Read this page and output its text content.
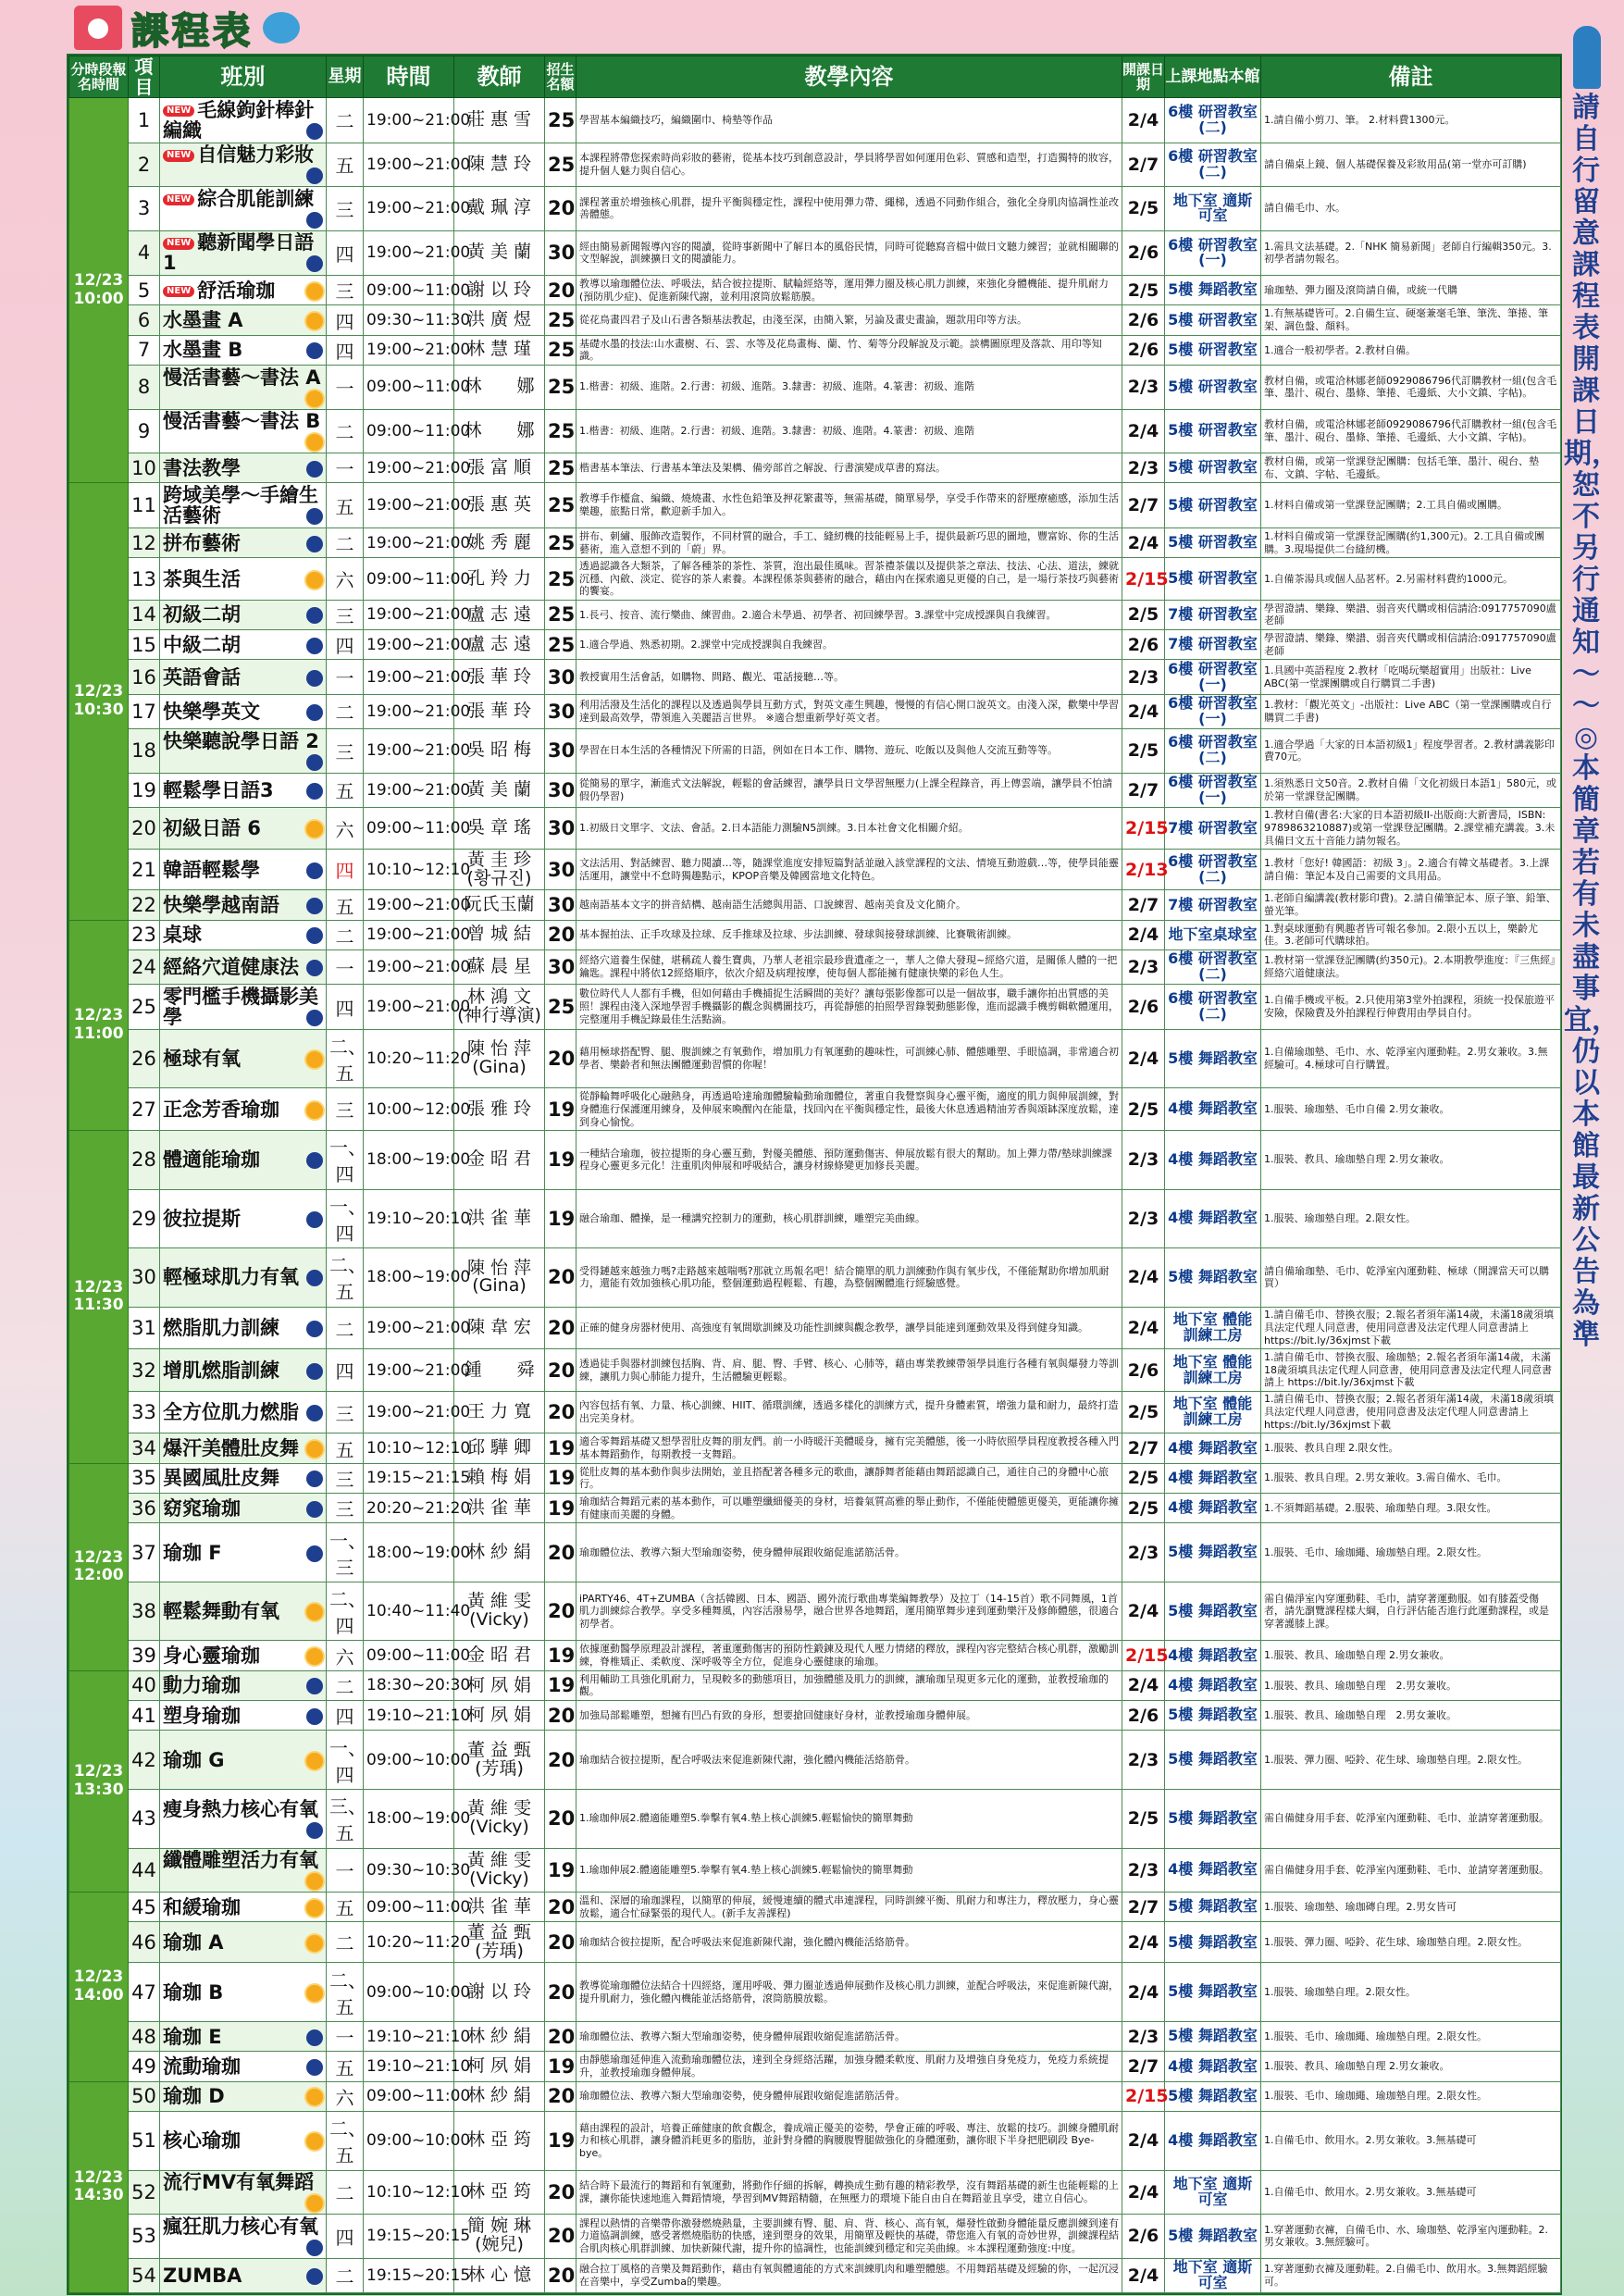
課程表
請自行留意課程表開課日期，恕不另行通知～～◎本簡章若有未盡事宜，仍以本館最新公告為準
分時段報名時間	項目	班別	星期	時間	教師	招生名額	教學內容	開課日期	上課地點本館	備註
12/23 10:00	1	NEW 毛線鉤針棒針編織	二	19:00~21:00	莊 惠 雪	25	學習基本編織技巧，編織圍巾、椅墊等作品	2/4	6樓 研習教室(二)	1.請自備小剪刀、筆。 2.材料費1300元。
	2	NEW 自信魅力彩妝	五	19:00~21:00	陳 慧 玲	25	本課程將帶您探索時尚彩妝的藝術，從基本技巧到創意設計，學員將學習如何運用色彩、質感和造型，打造獨特的妝容，提升個人魅力與自信心。	2/7	6樓 研習教室(二)	請自備桌上鏡、個人基礎保養及彩妝用品(第一堂亦可訂購)
	3	NEW 綜合肌能訓練	三	19:00~21:00	戴 珮 淳	20	課程著重於增強核心肌群，提升平衡與穩定性，課程中使用彈力帶、繩梯，透過不同動作組合，強化全身肌肉協調性並改善體態。	2/5	地下室 適斯可室	請自備毛巾、水。
	4	NEW 聽新聞學日語1	四	19:00~21:00	黃 美 蘭	30	經由簡易新聞報導內容的閱讀，從時事新聞中了解日本的風俗民情，同時可從聽寫音檔中做日文聽力練習；並就相關聯的文型解說，訓練擴日文的閱讀能力。	2/6	6樓 研習教室(一)	1.需具文法基礎。2.「NHK 簡易新聞」老師自行編輯350元。3.初學者請勿報名。
	5	NEW 舒活瑜珈	三	09:00~11:00	謝 以 玲	20	教導以瑜珈體位法、呼吸法，結合彼拉提斯、賦輪經絡等，運用彈力圈及核心肌力訓練，來強化身體機能、提升肌耐力(預防肌少症)、促進新陳代謝，並利用滾筒放鬆筋膜。	2/5	5樓 舞蹈教室	瑜珈墊、彈力圈及滾筒請自備，或統一代購
	6	水墨畫 A	四	09:30~11:30	洪 廣 煜	25	從花鳥畫四君子及山石書各類基法教起，由淺至深，由簡入繁，另論及畫史畫論，題款用印等方法。	2/6	5樓 研習教室	1.有無基礎皆可。2.自備生宣、硬毫兼毫毛筆、筆洗、筆捲、筆架、調色盤、顏料。
	7	水墨畫 B	四	19:00~21:00	林 慧 瑾	25	基礎水墨的技法:山水畫樹、石、雲、水等及花鳥畫梅、蘭、竹、菊等分段解說及示範。談構圖原理及落款、用印等知識。	2/6	5樓 研習教室	1.適合一般初學者。2.教材自備。
	8	慢活書藝～書法 A	一	09:00~11:00	林　　娜	25	1.楷書：初級、進階。2.行書：初級、進階。3.隸書：初級、進階。4.篆書：初級、進階	2/3	5樓 研習教室	教材自備，或電洽林娜老師0929086796代訂購教材一組(包含毛筆、墨汁、硯台、墨條、筆捲、毛邊紙、大小文鎮、字帖)。
	9	慢活書藝～書法 B	二	09:00~11:00	林　　娜	25	1.楷書：初級、進階。2.行書：初級、進階。3.隸書：初級、進階。4.篆書：初級、進階	2/4	5樓 研習教室	教材自備，或電洽林娜老師0929086796代訂購教材一組(包含毛筆、墨汁、硯台、墨條、筆捲、毛邊紙、大小文鎮、字帖)。
	10	書法教學	一	19:00~21:00	張 富 順	25	楷書基本筆法、行書基本筆法及架構、備旁部首之解說、行書演變成草書的寫法。	2/3	5樓 研習教室	教材自備，或第一堂課登記團購：包括毛筆、墨汁、硯台、墊布、文鎮、字帖、毛邊紙。
12/23 10:30	11	跨域美學～手繪生活藝術	五	19:00~21:00	張 惠 英	25	教導手作檯盒、編織、燒燒畫、水性色鉛筆及押花繁畫等，無需基礎，簡單易學，享受手作帶來的舒壓療癒感，添加生活樂趣，旅點日常，歡迎新手加入。	2/7	5樓 研習教室	1.材料自備或第一堂課登記團購；2.工具自備或團購。
	12	拼布藝術	二	19:00~21:00	姚 秀 麗	25	拼布、刺繡、服飾改造製作，不同材質的融合，手工、縫紉機的技能輕易上手，提供最新巧思的圖地，豐富妳、你的生活藝術，進入意想不到的「蔚」界。	2/4	5樓 研習教室	1.材料自備或第一堂課登記團購(約1,300元)。2.工具自備或團購。3.現場提供二台縫紉機。
	13	茶與生活	六	09:00~11:00	孔 羚 力	25	透過認識各大類茶，了解各種茶的茶性、茶質，泡出最佳風味。習茶禮茶儀以及提供茶之章法、技法、心法、道法，練就沉穩、內斂、淡定、從容的茶人素養。本課程係茶與藝術的融合，藉由內在探索適見更優的自己，是一場行茶技巧與藝術的饗宴。	2/15	5樓 研習教室	1.自備茶湯具或個人品茗杯。2.另需材料費約1000元。
	14	初級二胡	三	19:00~21:00	盧 志 遠	25	1.長弓、按音、流行樂曲、練習曲。2.適合未學過、初學者、初回練學習。3.課堂中完成授課與自我練習。	2/5	7樓 研習教室	學習證請、樂錄、樂譜、弱音夾代購或相信請洽:0917757090盧老師
	15	中級二胡	四	19:00~21:00	盧 志 遠	25	1.適合學過、熟悉初期。2.課堂中完成授課與自我練習。	2/6	7樓 研習教室	學習證請、樂錄、樂譜、弱音夾代購或相信請洽:0917757090盧老師
	16	英語會話	一	19:00~21:00	張 華 玲	30	教授實用生活會話，如購物、問路、觀光、電話接聽…等。	2/3	6樓 研習教室(一)	1.具國中英語程度 2.教材「吃喝玩樂超實用」出版社：Live ABC(第一堂課團購或自行購買二手書)
	17	快樂學英文	二	19:00~21:00	張 華 玲	30	利用活潑及生活化的課程以及透過與學員互動方式，對英文產生興趣，慢慢的有信心開口說英文。由淺入深，歡樂中學習達到最高效學，帶領進入美麗語言世界。 ※適合想重新學好英文者。	2/4	6樓 研習教室(一)	1.教材：「觀光英文」-出版社：Live ABC（第一堂課團購或自行購買二手書)
	18	快樂聽說學日語 2	三	19:00~21:00	吳 昭 梅	30	學習在日本生活的各種情況下所需的日語，例如在日本工作、購物、遊玩、吃飯以及與他人交流互動等等。	2/5	6樓 研習教室(二)	1.適合學過「大家的日本語初級1」程度學習者。2.教材講義影印費70元。
	19	輕鬆學日語3	五	19:00~21:00	黃 美 蘭	30	從簡易的單字，漸進式文法解說，輕鬆的會話練習，讓學員日文學習無壓力(上課全程錄音，再上傳雲端，讓學員不怕請假仍學習)	2/7	6樓 研習教室(一)	1.須熟悉日文50音。2.教材自備「文化初級日本語1」580元，或於第一堂課登記團購。
	20	初級日語 6	六	09:00~11:00	吳 章 瑤	30	1.初級日文單字、文法、會話。2.日本語能力測驗N5訓練。3.日本社會文化相關介紹。	2/15	7樓 研習教室	1.教材自備(書名:大家的日本語初級II-出版商:大新書局，ISBN: 9789863210887)或第一堂課登記團購。2.課堂補充講義。3.未具備日文五十音能力請勿報名。
	21	韓語輕鬆學	四	10:10~12:10	黃 圭 珍 (황규진)	30	文法活用、對話練習、聽力閱讀…等，隨課堂進度安排短篇對話並融入該堂課程的文法、情境互動遊戲…等，使學員能靈活運用，讓堂中不怠時獨趣點示，KPOP音樂及韓國當地文化特色。	2/13	6樓 研習教室(二)	1.教材「您好! 韓國語：初級 3」。2.適合有韓文基礎者。3.上課請自備：筆記本及自己需要的文具用品。
	22	快樂學越南語	五	19:00~21:00	阮氏玉蘭	30	越南語基本文字的拼音結構、越南語生活總與用語、口說練習、越南美食及文化簡介。	2/7	7樓 研習教室	1.老師自編講義(教材影印費)。2.請自備筆記本、原子筆、鉛筆、螢光筆。
12/23 11:00	23	桌球	二	19:00~21:00	曾 城 結	20	基本握拍法、正手攻球及拉球、反手推球及拉球、步法訓練、發球與接發球訓練、比賽戰術訓練。	2/4	地下室桌球室	1.對桌球運動有興趣者皆可報名參加。2.限小五以上，樂齡尤佳。3.老師可代購球拍。
	24	經絡穴道健康法	一	19:00~21:00	蘇 晨 星	30	經絡穴道養生保健，堪稱疏人養生寶典，乃華人老祖宗最珍貴遺產之一，華人之偉大發現~經絡穴道，是關係人體的一把鑰匙。課程中將依12經絡順序，依次介紹及病理按摩，使每個人都能擁有健康快樂的彩色人生。	2/3	6樓 研習教室(二)	1.教材第一堂課登記團購(約350元)。2.本期教學進度：『三焦經』經絡穴道健康法。
	25	零門檻手機攝影美學	四	19:00~21:00	林 鴻 文 (神行導演)	25	數位時代人人都有手機，但如何藉由手機捕捉生活瞬間的美好？讓每張影像都可以是一個故事，職手讓你拍出質感的美照！課程由淺入深地學習手機攝影的觀念與構圖技巧，再從靜態的拍照學習錄製動態影像，進而認識手機剪輯軟體運用，完整運用手機記錄最佳生活點滴。	2/6	6樓 研習教室(二)	1.自備手機或平板。2.只使用第3堂外拍課程，須統一投保旅遊平安險，保險費及外拍課程行伸費用由學員自付。
	26	極球有氧	二、五	10:20~11:20	陳 怡 萍 (Gina)	20	藉用極球搭配臀、腿、腹訓練之有氧動作，增加肌力有氧運動的趣味性，可訓練心肺、體態雕塑、手眼協調，非常適合初學者、樂齡者和無法團體運動習慣的你喔！	2/4	5樓 舞蹈教室	1.自備瑜珈墊、毛巾、水、乾淨室內運動鞋。2.男女兼收。3.無經驗可。4.極球可自行購置。
	27	正念芳香瑜珈	三	10:00~12:00	張 雅 玲	19	從靜輪舞呼吸化心融熱身，再透過哈達瑜珈體驗輪動瑜珈體位，著重自我覺察與身心靈平衡，適度的肌力與伸展訓練，對身體進行保護運用練身，及伸展來喚醒內在能量，找回內在平衡與穩定性，最後大休息透過精油芳香與頌缽深度放鬆，達到身心愉悅。	2/5	4樓 舞蹈教室	1.服裝、瑜珈墊、毛巾自備 2.男女兼收。
12/23 11:30	28	體適能瑜珈	一、四	18:00~19:00	金 昭 君	19	一種結合瑜珈，彼拉提斯的身心靈互動，對優美體態、預防運動傷害、伸展放鬆有很大的幫助。加上彈力帶/墊球訓練課程身心靈更多元化！注重肌肉伸展和呼吸結合，讓身材線條變更加修長美麗。	2/3	4樓 舞蹈教室	1.服裝、教具、瑜珈墊自理 2.男女兼收。
	29	彼拉提斯	一、四	19:10~20:10	洪 雀 華	19	融合瑜珈、體操，是一種講究控制力的運動，核心肌群訓練，雕塑完美曲線。	2/3	4樓 舞蹈教室	1.服裝、瑜珈墊自理。2.限女性。
	30	輕極球肌力有氧	二、五	18:00~19:00	陳 怡 萍 (Gina)	20	受得鏈越來越強力嗎?走路越來越喘嗎?那就立馬報名吧！結合簡單的肌力訓練動作與有氧步伐，不僅能幫助你增加肌耐力，還能有效加強核心肌功能，整個運動過程輕鬆、有趣，為整個團體進行經驗感覺。	2/4	5樓 舞蹈教室	請自備瑜珈墊、毛巾、乾淨室內運動鞋、極球（開課當天可以購買）
	31	燃脂肌力訓練	二	19:00~21:00	陳 韋 宏	20	正確的健身房器材使用、高強度有氧間歇訓練及功能性訓練與觀念教學，讓學員能達到運動效果及得到健身知識。	2/4	地下室 體能訓練工房	1.請自備毛巾、替換衣服；2.報名者須年滿14歲，未滿18歲須填具法定代理人同意書，使用同意書及法定代理人同意書請上 https://bit.ly/36xjmst下載
	32	增肌燃脂訓練	四	19:00~21:00	鍾　　舜	20	透過徒手與器材訓練包括胸、背、肩、腿、臀、手臂、核心、心肺等，藉由專業教練帶領學員進行各種有氧與爆發力等訓練，讓肌力與心肺能力提升，生活體驗更輕鬆。	2/6	地下室 體能訓練工房	1.請自備毛巾、替換衣服、瑜珈墊；2.報名者須年滿14歲，未滿18歲須填具法定代理人同意書，使用同意書及法定代理人同意書請上 https://bit.ly/36xjmst下載
	33	全方位肌力燃脂	三	19:00~21:00	王 力 寬	20	內容包括有氧、力量、核心訓練、HIIT、循環訓練，透過多樣化的訓練方式，提升身體素質，增強力量和耐力，最終打造出完美身材。	2/5	地下室 體能訓練工房	1.請自備毛巾、替換衣服；2.報名者須年滿14歲，未滿18歲須填具法定代理人同意書，使用同意書及法定代理人同意書請上 https://bit.ly/36xjmst下載
	34	爆汗美體肚皮舞	五	10:10~12:10	邱 驊 卿	19	適合零舞蹈基礎又想學習肚皮舞的朋友們。前一小時暖汗美體暖身，擁有完美體態，後一小時依照學員程度教授各種入門基本舞蹈動作，每期教授一支舞蹈。	2/7	4樓 舞蹈教室	1.服裝、教具自理 2.限女性。
12/23 12:00	35	異國風肚皮舞	三	19:15~21:15	賴 梅 娟	19	從肚皮舞的基本動作與步法開始，並且搭配著各種多元的歌曲，讓靜舞者能藉由舞蹈認識自己，通往自己的身體中心旅行。	2/5	4樓 舞蹈教室	1.服裝、教具自理。2.男女兼收。3.需自備水、毛巾。
	36	窈窕瑜珈	三	20:20~21:20	洪 雀 華	19	瑜珈結合舞蹈元素的基本動作，可以雕塑纖細優美的身材，培養氣質高雅的舉止動作，不僅能使體態更優美，更能讓你擁有健康而美麗的身體。	2/5	4樓 舞蹈教室	1.不須舞蹈基礎。2.服裝、瑜珈墊自理。3.限女性。
	37	瑜珈 F	一、三	18:00~19:00	林 紗 絹	20	瑜珈體位法、教導六類大型瑜珈姿勢，使身體伸展跟收縮促進諾筋活骨。	2/3	5樓 舞蹈教室	1.服裝、毛巾、瑜珈繩、瑜珈墊自理。2.限女性。
	38	輕鬆舞動有氧	二、四	10:40~11:40	黃 維 雯 (Vicky)	20	iPARTY46、4T+ZUMBA（含括韓國、日本、國語、國外流行歌曲專業編舞教學）及拉丁（14-15首）歌不同舞風，1首肌力訓練綜合教學。享受多種舞風，內容活潑易學，融合世界各地舞蹈，運用簡單舞步達到運動樂汗及修飾體態，很適合初學者。	2/4	5樓 舞蹈教室	需自備淨室內穿運動鞋、毛巾，請穿著運動服。如有膝蓋受傷者，請先瀏覽課程樣大綱，自行評估能否進行此運動課程，或是穿著護膝上課。
	39	身心靈瑜珈	六	09:00~11:00	金 昭 君	19	依據運動醫學原理設計課程，著重運動傷害的預防性鍛鍊及現代人壓力情緒的釋放，課程內容完整結合核心肌群，激勵訓練，脊椎矯正、柔軟度、深呼吸等全方位，促進身心靈健康的瑜珈。	2/15	4樓 舞蹈教室	1.服裝、教具、瑜珈墊自理 2.男女兼收。
12/23 13:30	40	動力瑜珈	二	18:30~20:30	柯 夙 娟	19	利用輔助工具強化肌耐力，呈現較多的動態項目，加強體態及肌力的訓練，讓瑜珈呈現更多元化的運動，並教授瑜珈的觀。	2/4	4樓 舞蹈教室	1.服裝、教具、瑜珈墊自理　2.男女兼收。
	41	塑身瑜珈	四	19:10~21:10	柯 夙 娟	20	加強局部鬆雕塑，想擁有凹凸有致的身形，想要搶回健康好身材，並教授瑜珈身體伸展。	2/6	5樓 舞蹈教室	1.服裝、教具、瑜珈墊自理　2.男女兼收。
	42	瑜珈 G	一、四	09:00~10:00	董 益 甄 (芳瑀)	20	瑜珈結合彼拉提斯，配合呼吸法來促進新陳代謝，強化體內機能活絡筋骨。	2/3	5樓 舞蹈教室	1.服裝、彈力圈、啞鈴、花生球、瑜珈墊自理。2.限女性。
	43	瘦身熱力核心有氧	三、五	18:00~19:00	黃 維 雯 (Vicky)	20	1.瑜珈伸展2.體適能雕塑5.拳擊有氧4.墊上核心訓練5.輕鬆愉快的簡單舞動	2/5	5樓 舞蹈教室	需自備健身用手套、乾淨室內運動鞋、毛巾、並請穿著運動服。
	44	纖體雕塑活力有氧	一	09:30~10:30	黃 維 雯 (Vicky)	19	1.瑜珈伸展2.體適能雕塑5.拳擊有氧4.墊上核心訓練5.輕鬆愉快的簡單舞動	2/3	4樓 舞蹈教室	需自備健身用手套、乾淨室內運動鞋、毛巾、並請穿著運動服。
12/23 14:00	45	和緩瑜珈	五	09:00~11:00	洪 雀 華	20	溫和、深層的瑜珈課程，以簡單的伸展，緩慢連續的體式串連課程，同時訓練平衡、肌耐力和專注力，釋放壓力，身心靈放鬆，適合忙碌緊張的現代人。(新手友善課程)	2/7	5樓 舞蹈教室	1.服裝、瑜珈墊、瑜珈磚自理。2.男女皆可
	46	瑜珈 A	二	10:20~11:20	董 益 甄 (芳瑀)	20	瑜珈結合彼拉提斯，配合呼吸法來促進新陳代謝，強化體內機能活絡筋骨。	2/4	5樓 舞蹈教室	1.服裝、彈力圈、啞鈴、花生球、瑜珈墊自理。2.限女性。
	47	瑜珈 B	二、五	09:00~10:00	謝 以 玲	20	教導從瑜珈體位法結合十四經絡，運用呼吸、彈力圈並透過伸展動作及核心肌力訓練，並配合呼吸法，來促進新陳代謝，提升肌耐力，強化體內機能並活絡筋骨，滾筒筋膜放鬆。	2/4	5樓 舞蹈教室	1.服裝、瑜珈墊自理。2.限女性。
	48	瑜珈 E	一	19:10~21:10	林 紗 絹	20	瑜珈體位法、教導六類大型瑜珈姿勢，使身體伸展跟收縮促進諾筋活骨。	2/3	5樓 舞蹈教室	1.服裝、毛巾、瑜珈繩、瑜珈墊自理。2.限女性。
	49	流動瑜珈	五	19:10~21:10	柯 夙 娟	19	由靜態瑜珈延伸進入流動瑜珈體位法，達到全身經絡活躍，加強身體柔軟度、肌耐力及增強自身免疫力，免疫力系統提升，並教授瑜珈身體伸展。	2/7	4樓 舞蹈教室	1.服裝、教具、瑜珈墊自理 2.男女兼收。
12/23 14:30	50	瑜珈 D	六	09:00~11:00	林 紗 絹	20	瑜珈體位法、教導六類大型瑜珈姿勢，使身體伸展跟收縮促進諾筋活骨。	2/15	5樓 舞蹈教室	1.服裝、毛巾、瑜珈繩、瑜珈墊自理。2.限女性。
	51	核心瑜珈	二、五	09:00~10:00	林 亞 筠	19	藉由課程的設計，培養正確健康的飲食觀念，養成端正優美的姿勢，學會正確的呼吸、專注、放鬆的技巧。訓練身體肌耐力和核心肌群，讓身體消耗更多的脂肪，並針對身體的胸腰腹臀腿做強化的身體運動，讓你眼下半身把肥刷段 Bye-bye。	2/4	4樓 舞蹈教室	1.自備毛巾、飲用水。2.男女兼收。3.無基礎可
	52	流行MV有氧舞蹈	二	10:10~12:10	林 亞 筠	20	結合時下最流行的舞蹈和有氧運動，將動作仔細的拆解，轉換成生動有趣的精彩教學，沒有舞蹈基礎的新生也能輕鬆的上課，讓你能快速地進入舞蹈情境，學習到MV舞蹈精髓，在無壓力的環境下能自由自在舞蹈並且享受，建立自信心。	2/4	地下室 適斯可室	1.自備毛巾、飲用水。2.男女兼收。3.無基礎可
	53	瘋狂肌力核心有氧	四	19:15~20:15	簡 婉 琳 (婉兒)	20	課程以熱情的音樂帶你激發燃燒熱量，主要訓練有臀、腿、肩、背、核心、高有氧，爆發性啟動身體能量反應訓練到達有力道協調訓練，感受著燃燒脂肪的快感，達到塑身的效果，用簡單及輕快的基礎，帶您進入有氧的奇妙世界，訓練課程結合肌肉核心肌群訓練、加快新陳代謝，提升你的協調性，也能訓練到穩定和完美曲線。＊本課程運動強度:中度。	2/6	5樓 舞蹈教室	1.穿著運動衣褲，自備毛巾、水、瑜珈墊、乾淨室內運動鞋。2.男女兼收。3.無經驗可。
	54	ZUMBA	二	19:15~20:15	林 心 憶	20	融合拉丁風格的音樂及舞蹈動作，藉由有氧與體適能的方式來訓練肌肉和雕塑體態。不用舞蹈基礎及經驗的你，一起沉浸在音樂中，享受Zumba的樂趣。	2/4	地下室 適斯可室	1.穿著運動衣褲及運動鞋。2.自備毛巾、飲用水。3.無舞蹈經驗可。
